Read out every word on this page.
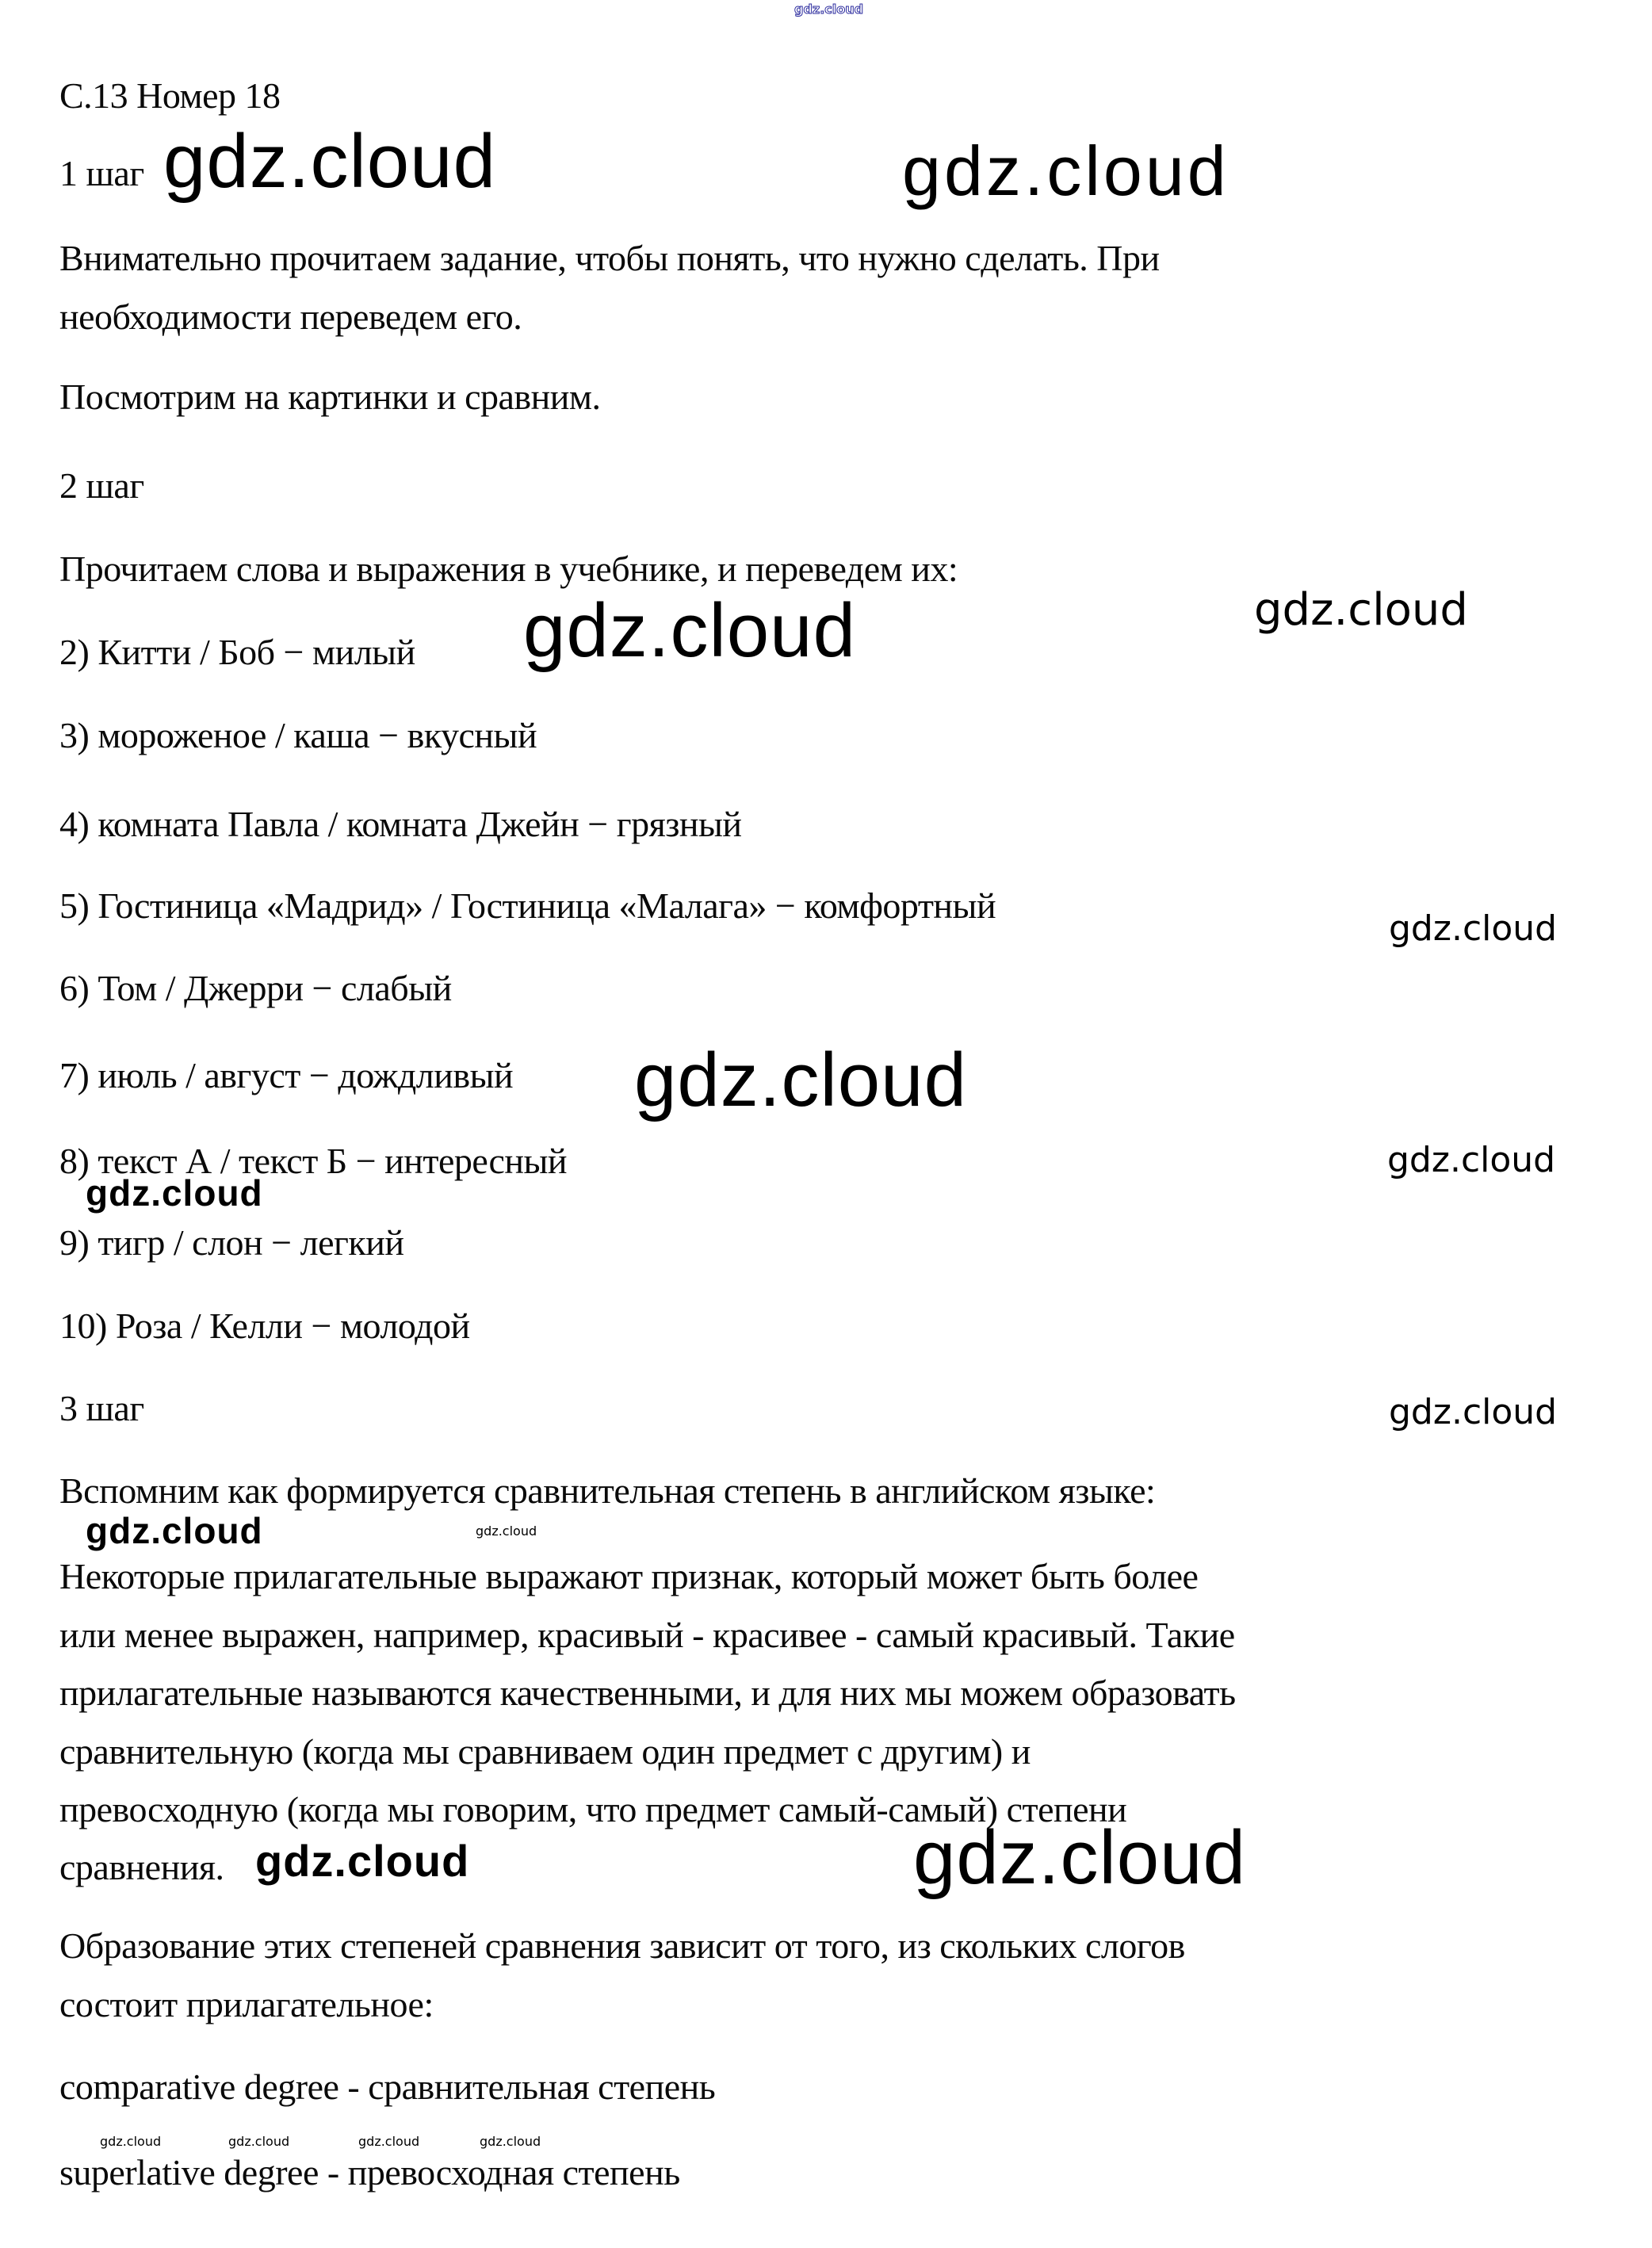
gdz.cloud
С.13 Номер 18
1 шаг gdz.cloud	gdz.cloud
Внимательно прочитаем задание, чтобы понять, что нужно сделать. При
необходимости переведем его.
Посмотрим на картинки и сравним.
2 шаг
Прочитаем слова и выражения в учебнике, и переведем их:
2) Китти / Боб − милый gdz.cloud	gdz.cloud
3) мороженое / каша − вкусный
4) комната Павла / комната Джейн − грязный
5) Гостиница «Мадрид» / Гостиница «Малага» − комфортный
gdz.cloud
6) Том / Джерри − слабый
7) июль / август − дождливый gdz.cloud
8) текст А / текст Б − интересный	gdz.cloud
gdz.cloud
9) тигр / слон − легкий
10) Роза / Келли − молодой
3 шаг	gdz.cloud
Вспомним как формируется сравнительная степень в английском языке:
gdz.cloud	gdz.cloud
Некоторые прилагательные выражают признак, который может быть более
или менее выражен, например, красивый - красивее - самый красивый. Такие
прилагательные называются качественными, и для них мы можем образовать
сравнительную (когда мы сравниваем один предмет с другим) и
превосходную (когда мы говорим, что предмет самый-самый) степени
сравнения. gdz.cloud	gdz.cloud
Образование этих степеней сравнения зависит от того, из скольких слогов
состоит прилагательное:
comparative degree - сравнительная степень
gdz.cloud	gdz.cloud	gdz.cloud	gdz.cloud
superlative degree - превосходная степень
